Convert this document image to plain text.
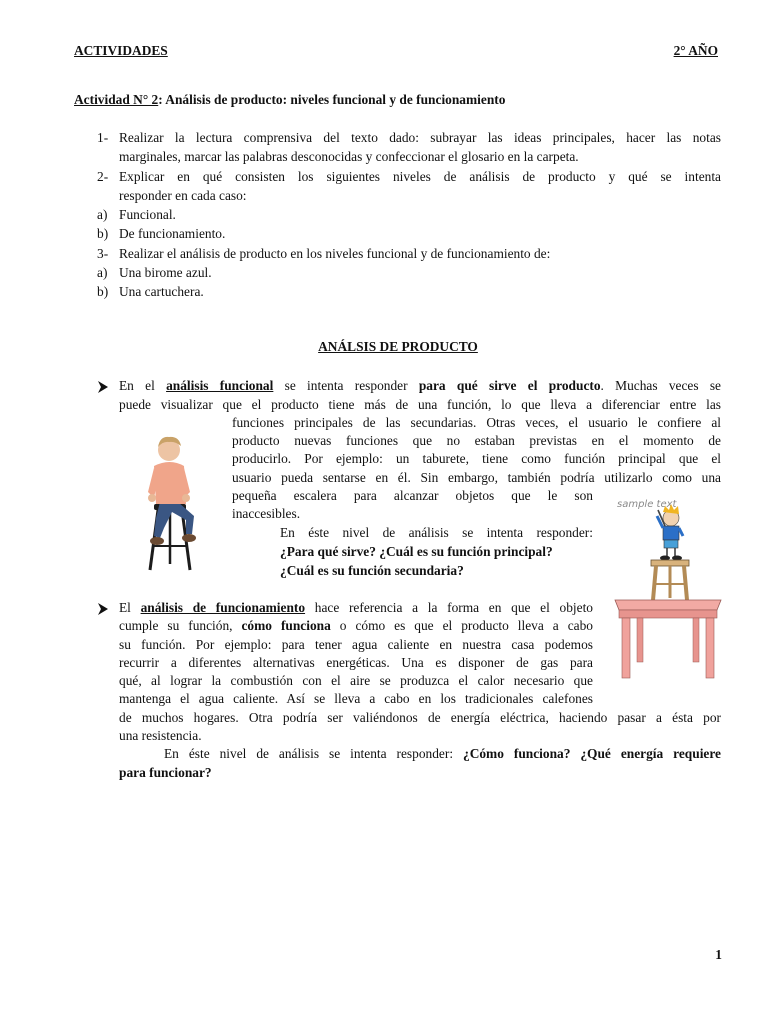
ACTIVIDADES	2° AÑO
Actividad N° 2: Análisis de producto: niveles funcional y de funcionamiento
1- Realizar la lectura comprensiva del texto dado: subrayar las ideas principales, hacer las notas
marginales, marcar las palabras desconocidas y confeccionar el glosario en la carpeta.
2- Explicar en qué consisten los siguientes niveles de análisis de producto y qué se intenta
responder en cada caso:
a) Funcional.
b) De funcionamiento.
3- Realizar el análisis de producto en los niveles funcional y de funcionamiento de:
a) Una birome azul.
b) Una cartuchera.
ANÁLSIS DE PRODUCTO
En el análisis funcional se intenta responder para qué sirve el producto. Muchas veces se
puede visualizar que el producto tiene más de una función, lo que lleva a diferenciar entre las
funciones principales de las secundarias. Otras veces, el usuario le confiere al
producto nuevas funciones que no estaban previstas en el momento de
producirlo. Por ejemplo: un taburete, tiene como función principal que el
usuario pueda sentarse en él. Sin embargo, también podría utilizarlo como una
pequeña escalera para alcanzar objetos que le son
inaccesibles.
En éste nivel de análisis se intenta responder:
¿Para qué sirve? ¿Cuál es su función principal?
¿Cuál es su función secundaria?
sample text
El análisis de funcionamiento hace referencia a la forma en que el objeto
cumple su función, cómo funciona o cómo es que el producto lleva a cabo
su función. Por ejemplo: para tener agua caliente en nuestra casa podemos
recurrir a diferentes alternativas energéticas. Una es disponer de gas para
qué, al lograr la combustión con el aire se produzca el calor necesario que
mantenga el agua caliente. Así se lleva a cabo en los tradicionales calefones
de muchos hogares. Otra podría ser valiéndonos de energía eléctrica, haciendo pasar a ésta por
una resistencia.
En éste nivel de análisis se intenta responder: ¿Cómo funciona? ¿Qué energía requiere
para funcionar?
1
